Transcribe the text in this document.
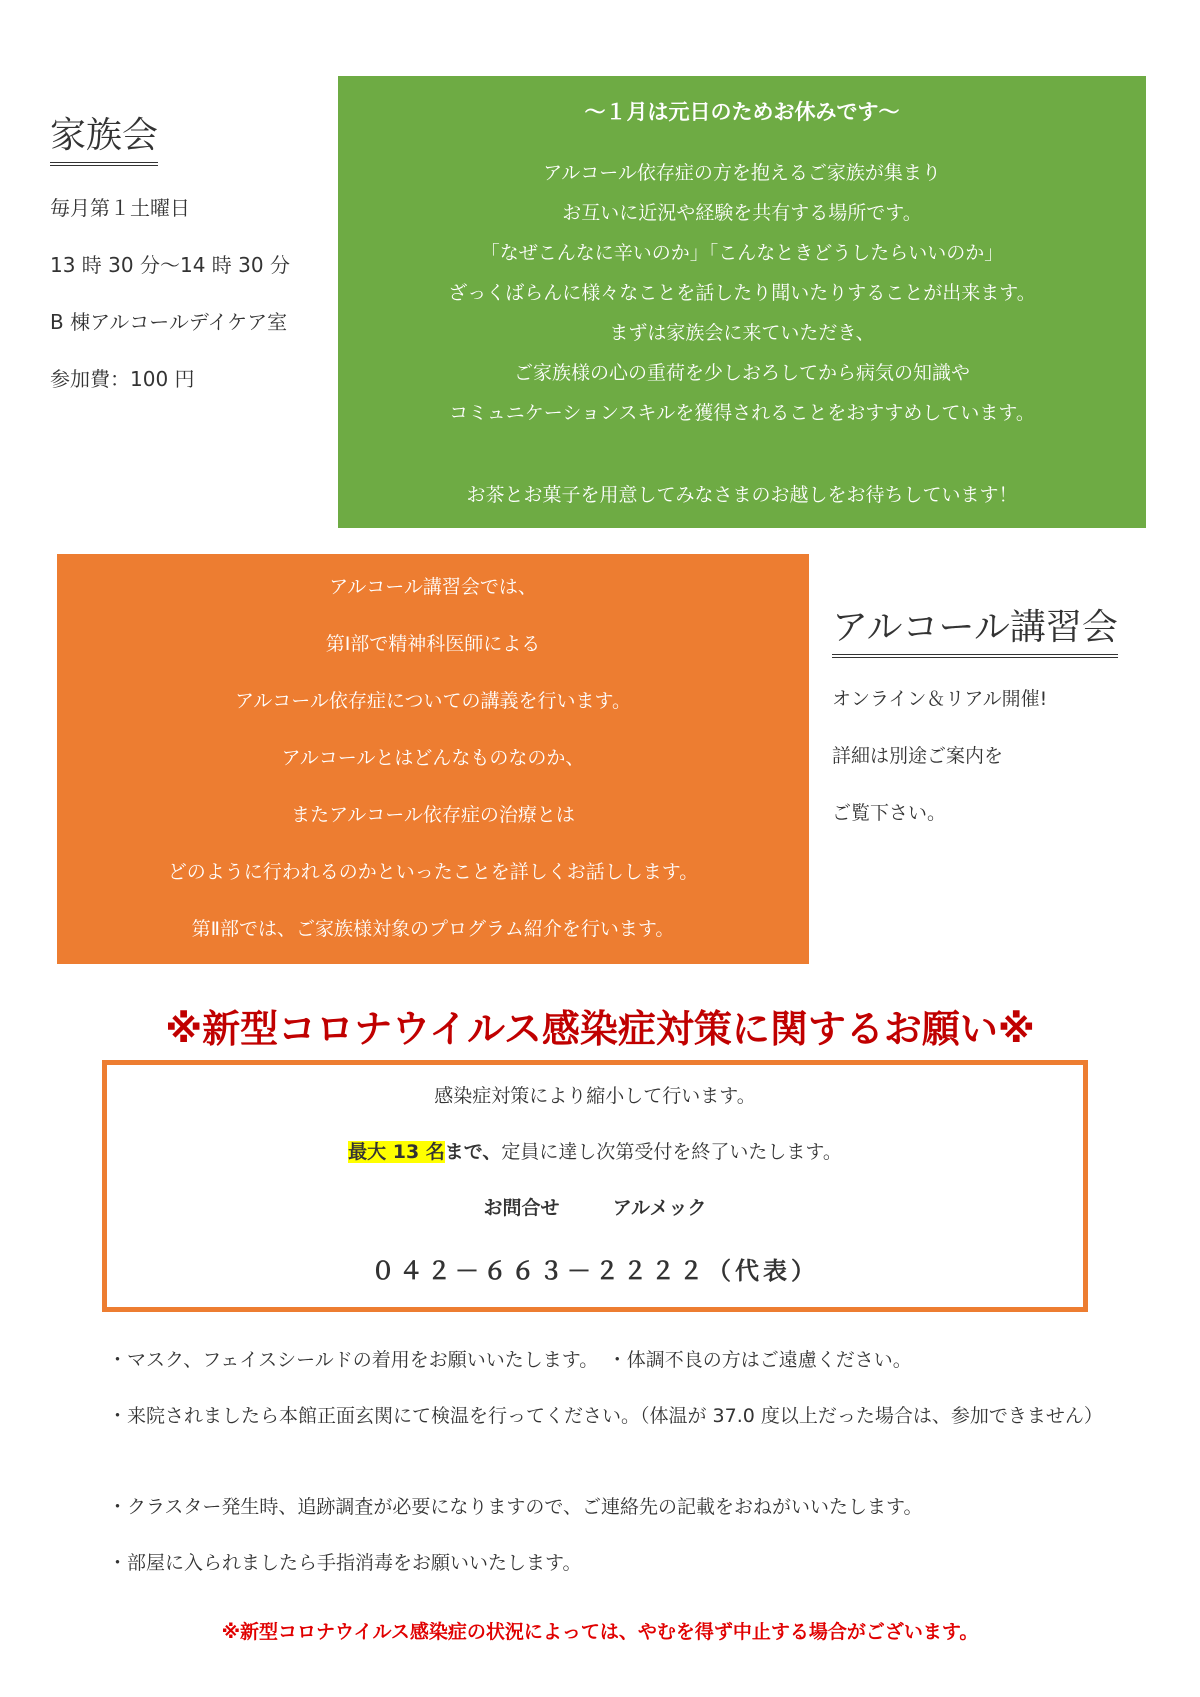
家族会
毎月第１土曜日
13 時 30 分～14 時 30 分
B 棟アルコールデイケア室
参加費：100 円
～１月は元日のためお休みです～
アルコール依存症の方を抱えるご家族が集まり
お互いに近況や経験を共有する場所です。
「なぜこんなに辛いのか」「こんなときどうしたらいいのか」
ざっくばらんに様々なことを話したり聞いたりすることが出来ます。
まずは家族会に来ていただき、
ご家族様の心の重荷を少しおろしてから病気の知識や
コミュニケーションスキルを獲得されることをおすすめしています。
お茶とお菓子を用意してみなさまのお越しをお待ちしています！
アルコール講習会では、
第Ⅰ部で精神科医師による
アルコール依存症についての講義を行います。
アルコールとはどんなものなのか、
またアルコール依存症の治療とは
どのように行われるのかといったことを詳しくお話しします。
第Ⅱ部では、ご家族様対象のプログラム紹介を行います。
アルコール講習会
オンライン＆リアル開催!
詳細は別途ご案内を
ご覧下さい。
※新型コロナウイルス感染症対策に関するお願い※
感染症対策により縮小して行います。
最大 13 名まで、定員に達し次第受付を終了いたします。
お問合せ	アルメック
０４２－６６３－２２２２（代表）
・マスク、フェイスシールドの着用をお願いいたします。　・体調不良の方はご遠慮ください。
・来院されましたら本館正面玄関にて検温を行ってください。（体温が 37.0 度以上だった場合は、参加できません）
・クラスター発生時、追跡調査が必要になりますので、ご連絡先の記載をおねがいいたします。
・部屋に入られましたら手指消毒をお願いいたします。
※新型コロナウイルス感染症の状況によっては、やむを得ず中止する場合がございます。
